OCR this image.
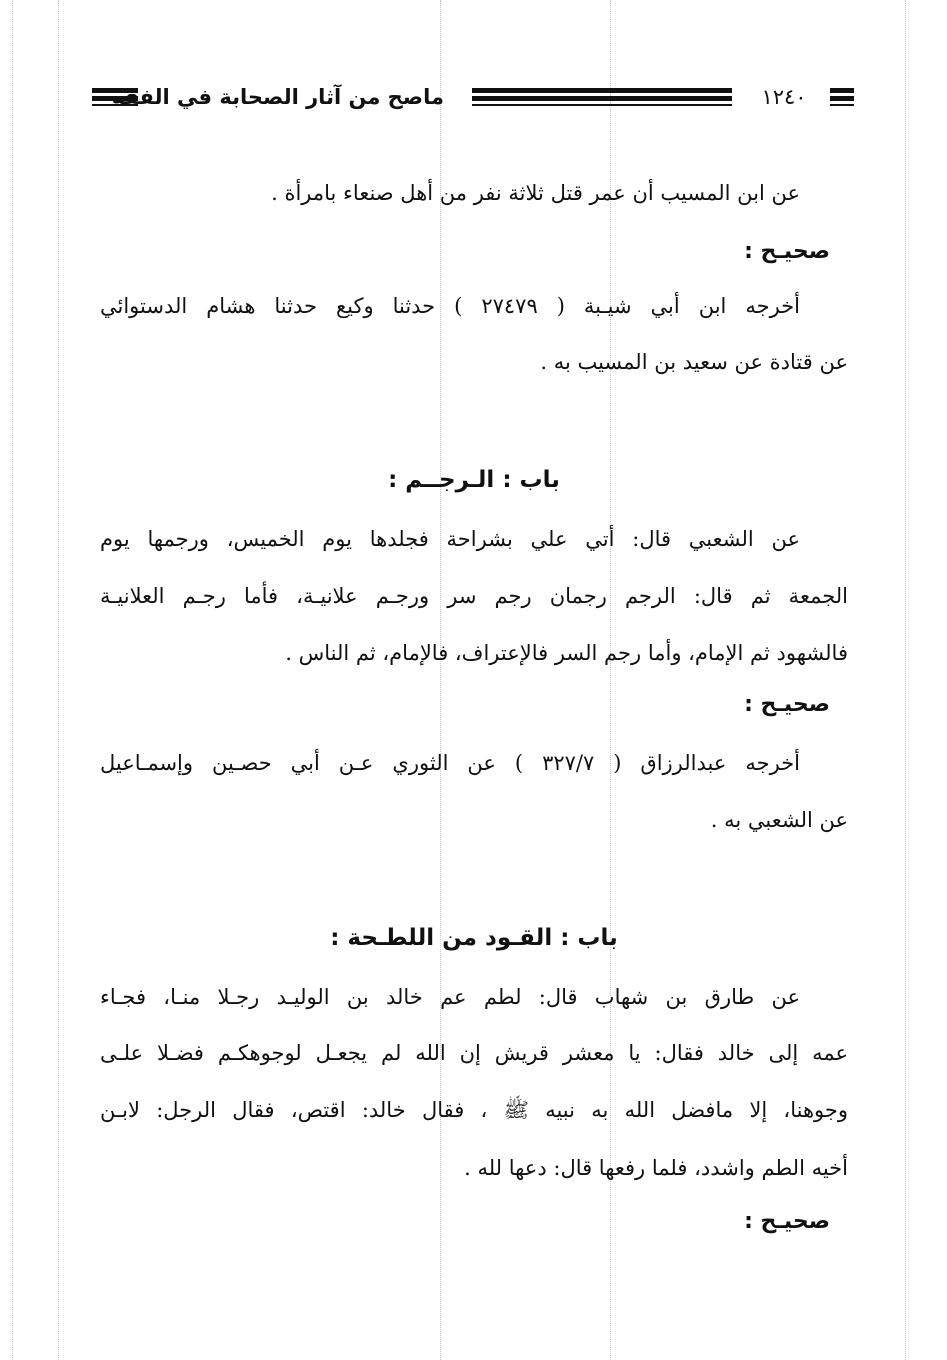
ماصح من آثار الصحابة في الفقه	١٢٤٠
عن ابن المسيب أن عمر قتل ثلاثة نفر من أهل صنعاء بامرأة .
صحيـح :
أخرجه ابن أبي شيـبة ( ٢٧٤٧٩ ) حدثنا وكيع حدثنا هشام الدستوائي
عن قتادة عن سعيد بن المسيب به .
باب : الـرجــم :
عن الشعبي قال: أتي علي بشراحة فجلدها يوم الخميس، ورجمها يوم
الجمعة ثم قال: الرجم رجمان رجم سر ورجـم علانيـة، فأما رجـم العلانيـة
فالشهود ثم الإمام، وأما رجم السر فالإعتراف، فالإمام، ثم الناس .
صحيـح :
أخرجه عبدالرزاق ( ٣٢٧/٧ ) عن الثوري عـن أبي حصـين وإسمـاعيل
عن الشعبي به .
باب : القـود من اللطـحة :
عن طارق بن شهاب قال: لطم عم خالد بن الوليـد رجـلا منـا، فجـاء
عمه إلى خالد فقال: يا معشر قريش إن الله لم يجعـل لوجوهكـم فضـلا علـى
وجوهنا، إلا مافضل الله به نبيه ﷺ ، فقال خالد: اقتص، فقال الرجل: لابـن
أخيه الطم واشدد، فلما رفعها قال: دعها لله .
صحيـح :
